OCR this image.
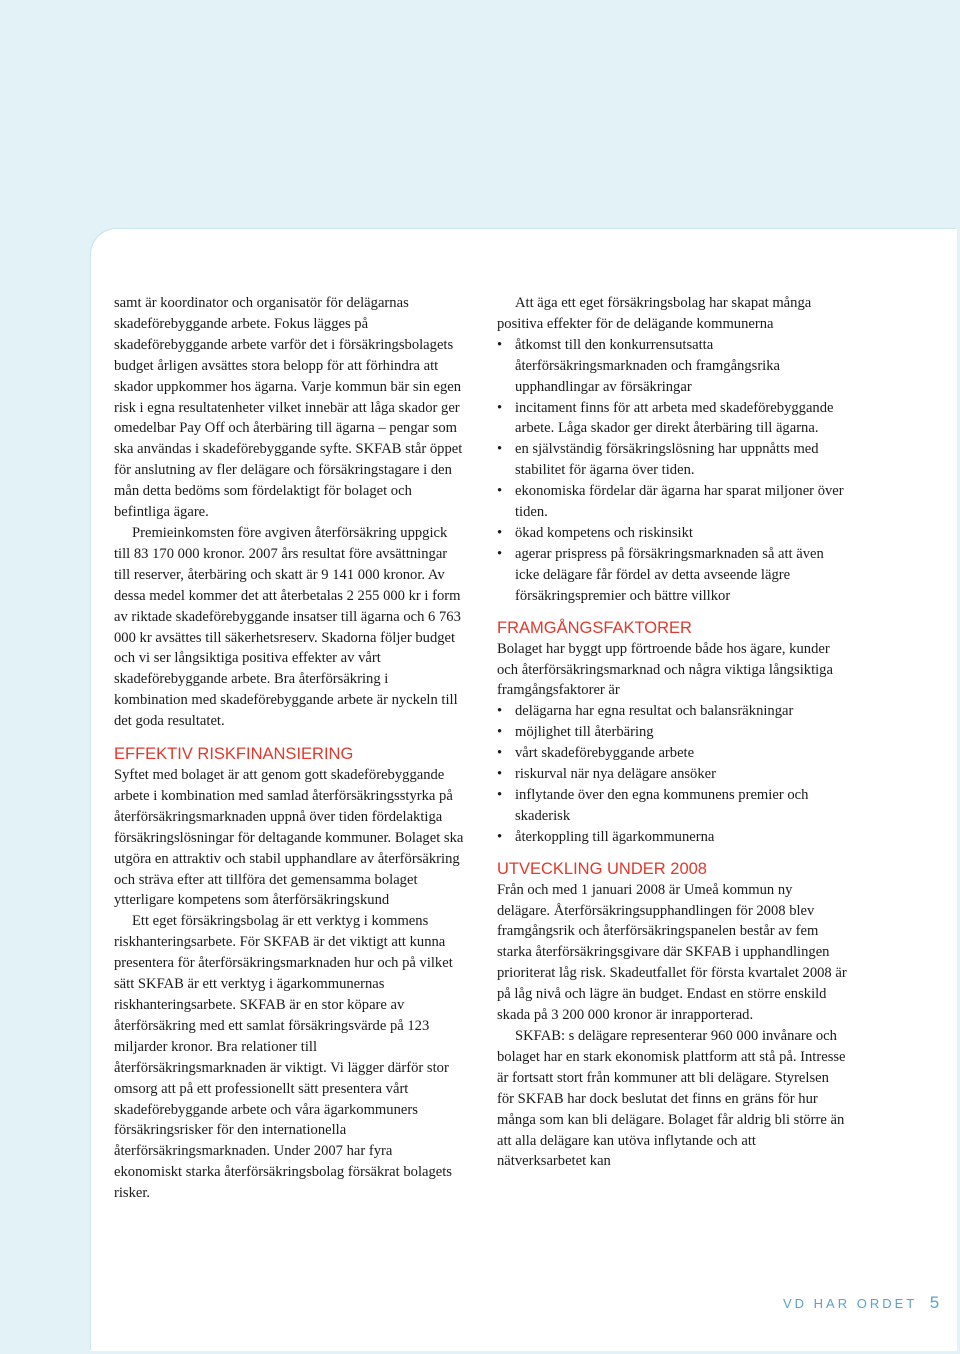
samt är koordinator och organisatör för delägarnas skadeförebyggande arbete. Fokus lägges på skadeförebyggande arbete varför det i försäkringsbolagets budget årligen avsättes stora belopp för att förhindra att skador uppkommer hos ägarna. Varje kommun bär sin egen risk i egna resultatenheter vilket innebär att låga skador ger omedelbar Pay Off och återbäring till ägarna – pengar som ska användas i skadeförebyggande syfte. SKFAB står öppet för anslutning av fler delägare och försäkringstagare i den mån detta bedöms som fördelaktigt för bolaget och befintliga ägare.

Premieinkomsten före avgiven återförsäkring uppgick till 83 170 000 kronor. 2007 års resultat före avsättningar till reserver, återbäring och skatt är 9 141 000 kronor. Av dessa medel kommer det att återbetalas 2 255 000 kr i form av riktade skadeförebyggande insatser till ägarna och 6 763 000 kr avsättes till säkerhetsreserv. Skadorna följer budget och vi ser långsiktiga positiva effekter av vårt skadeförebyggande arbete. Bra återförsäkring i kombination med skadeförebyggande arbete är nyckeln till det goda resultatet.

EFFEKTIV RISKFINANSIERING

Syftet med bolaget är att genom gott skadeförebyggande arbete i kombination med samlad återförsäkringsstyrka på återförsäkringsmarknaden uppnå över tiden fördelaktiga försäkringslösningar för deltagande kommuner. Bolaget ska utgöra en attraktiv och stabil upphandlare av återförsäkring och sträva efter att tillföra det gemensamma bolaget ytterligare kompetens som återförsäkringskund

Ett eget försäkringsbolag är ett verktyg i kommens riskhanteringsarbete. För SKFAB är det viktigt att kunna presentera för återförsäkringsmarknaden hur och på vilket sätt SKFAB är ett verktyg i ägarkommunernas riskhanteringsarbete. SKFAB är en stor köpare av återförsäkring med ett samlat försäkringsvärde på 123 miljarder kronor. Bra relationer till återförsäkringsmarknaden är viktigt. Vi lägger därför stor omsorg att på ett professionellt sätt presentera vårt skadeförebyggande arbete och våra ägarkommuners försäkringsrisker för den internationella återförsäkringsmarknaden. Under 2007 har fyra ekonomiskt starka återförsäkringsbolag försäkrat bolagets risker.

Att äga ett eget försäkringsbolag har skapat många positiva effekter för de delägande kommunerna

• åtkomst till den konkurrensutsatta återförsäkringsmarknaden och framgångsrika upphandlingar av försäkringar
• incitament finns för att arbeta med skadeförebyggande arbete. Låga skador ger direkt återbäring till ägarna.
• en självständig försäkringslösning har uppnåtts med stabilitet för ägarna över tiden.
• ekonomiska fördelar där ägarna har sparat miljoner över tiden.
• ökad kompetens och riskinsikt
• agerar prispress på försäkringsmarknaden så att även icke delägare får fördel av detta avseende lägre försäkringspremier och bättre villkor
FRAMGÅNGSFAKTORER

Bolaget har byggt upp förtroende både hos ägare, kunder och återförsäkringsmarknad och några viktiga långsiktiga framgångsfaktorer är

• delägarna har egna resultat och balansräkningar
• möjlighet till återbäring
• vårt skadeförebyggande arbete
• riskurval när nya delägare ansöker
• inflytande över den egna kommunens premier och skaderisk
• återkoppling till ägarkommunerna
UTVECKLING UNDER 2008

Från och med 1 januari 2008 är Umeå kommun ny delägare. Återförsäkringsupphandlingen för 2008 blev framgångsrik och återförsäkringspanelen består av fem starka återförsäkringsgivare där SKFAB i upphandlingen prioriterat låg risk. Skadeutfallet för första kvartalet 2008 är på låg nivå och lägre än budget. Endast en större enskild skada på 3 200 000 kronor är inrapporterad.

SKFAB: s delägare representerar 960 000 invånare och bolaget har en stark ekonomisk plattform att stå på. Intresse är fortsatt stort från kommuner att bli delägare. Styrelsen för SKFAB har dock beslutat det finns en gräns för hur många som kan bli delägare. Bolaget får aldrig bli större än att alla delägare kan utöva inflytande och att nätverksarbetet kan

VD HAR ORDET 5
